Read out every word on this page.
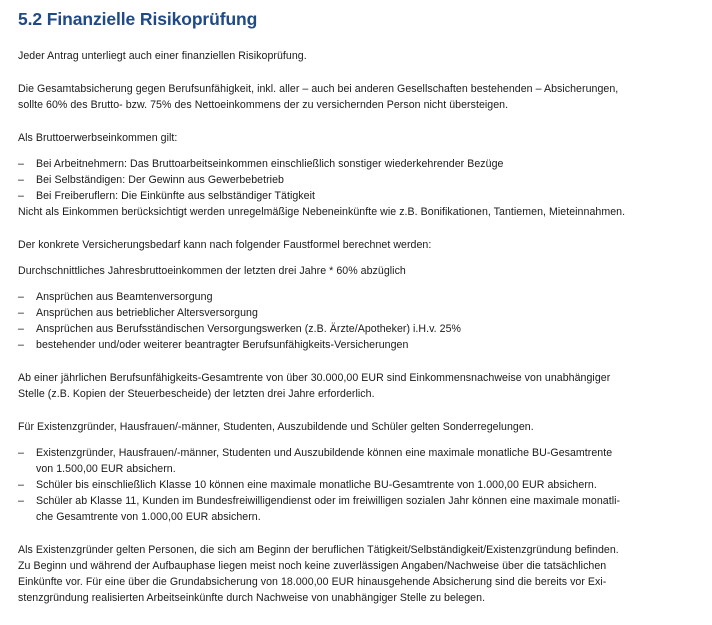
5.2 Finanzielle Risikoprüfung

Jeder Antrag unterliegt auch einer finanziellen Risikoprüfung.

Die Gesamtabsicherung gegen Berufsunfähigkeit, inkl. aller – auch bei anderen Gesellschaften bestehenden – Absicherungen,

sollte 60% des Brutto- bzw. 75% des Nettoeinkommens der zu versichernden Person nicht übersteigen.

Als Bruttoerwerbseinkommen gilt:

– Bei Arbeitnehmern: Das Bruttoarbeitseinkommen einschließlich sonstiger wiederkehrender Bezüge
– Bei Selbständigen: Der Gewinn aus Gewerbebetrieb
– Bei Freiberuflern: Die Einkünfte aus selbständiger Tätigkeit

Nicht als Einkommen berücksichtigt werden unregelmäßige Nebeneinkünfte wie z.B. Bonifikationen, Tantiemen, Mieteinnahmen.

Der konkrete Versicherungsbedarf kann nach folgender Faustformel berechnet werden:

Durchschnittliches Jahresbruttoeinkommen der letzten drei Jahre * 60% abzüglich

– Ansprüchen aus Beamtenversorgung
– Ansprüchen aus betrieblicher Altersversorgung
– Ansprüchen aus Berufsständischen Versorgungswerken (z.B. Ärzte/Apotheker) i.H.v. 25%
– bestehender und/oder weiterer beantragter Berufsunfähigkeits-Versicherungen

Ab einer jährlichen Berufsunfähigkeits-Gesamtrente von über 30.000,00 EUR sind Einkommensnachweise von unabhängiger

Stelle (z.B. Kopien der Steuerbescheide) der letzten drei Jahre erforderlich.

Für Existenzgründer, Hausfrauen/-männer, Studenten, Auszubildende und Schüler gelten Sonderregelungen.

– Existenzgründer, Hausfrauen/-männer, Studenten und Auszubildende können eine maximale monatliche BU-Gesamtrente
von 1.500,00 EUR absichern.
– Schüler bis einschließlich Klasse 10 können eine maximale monatliche BU-Gesamtrente von 1.000,00 EUR absichern.
– Schüler ab Klasse 11, Kunden im Bundesfreiwilligendienst oder im freiwilligen sozialen Jahr können eine maximale monatli-
che Gesamtrente von 1.000,00 EUR absichern.

Als Existenzgründer gelten Personen, die sich am Beginn der beruflichen Tätigkeit/Selbständigkeit/Existenzgründung befinden.

Zu Beginn und während der Aufbauphase liegen meist noch keine zuverlässigen Angaben/Nachweise über die tatsächlichen

Einkünfte vor. Für eine über die Grundabsicherung von 18.000,00 EUR hinausgehende Absicherung sind die bereits vor Exi-

stenzgründung realisierten Arbeitseinkünfte durch Nachweise von unabhängiger Stelle zu belegen.
